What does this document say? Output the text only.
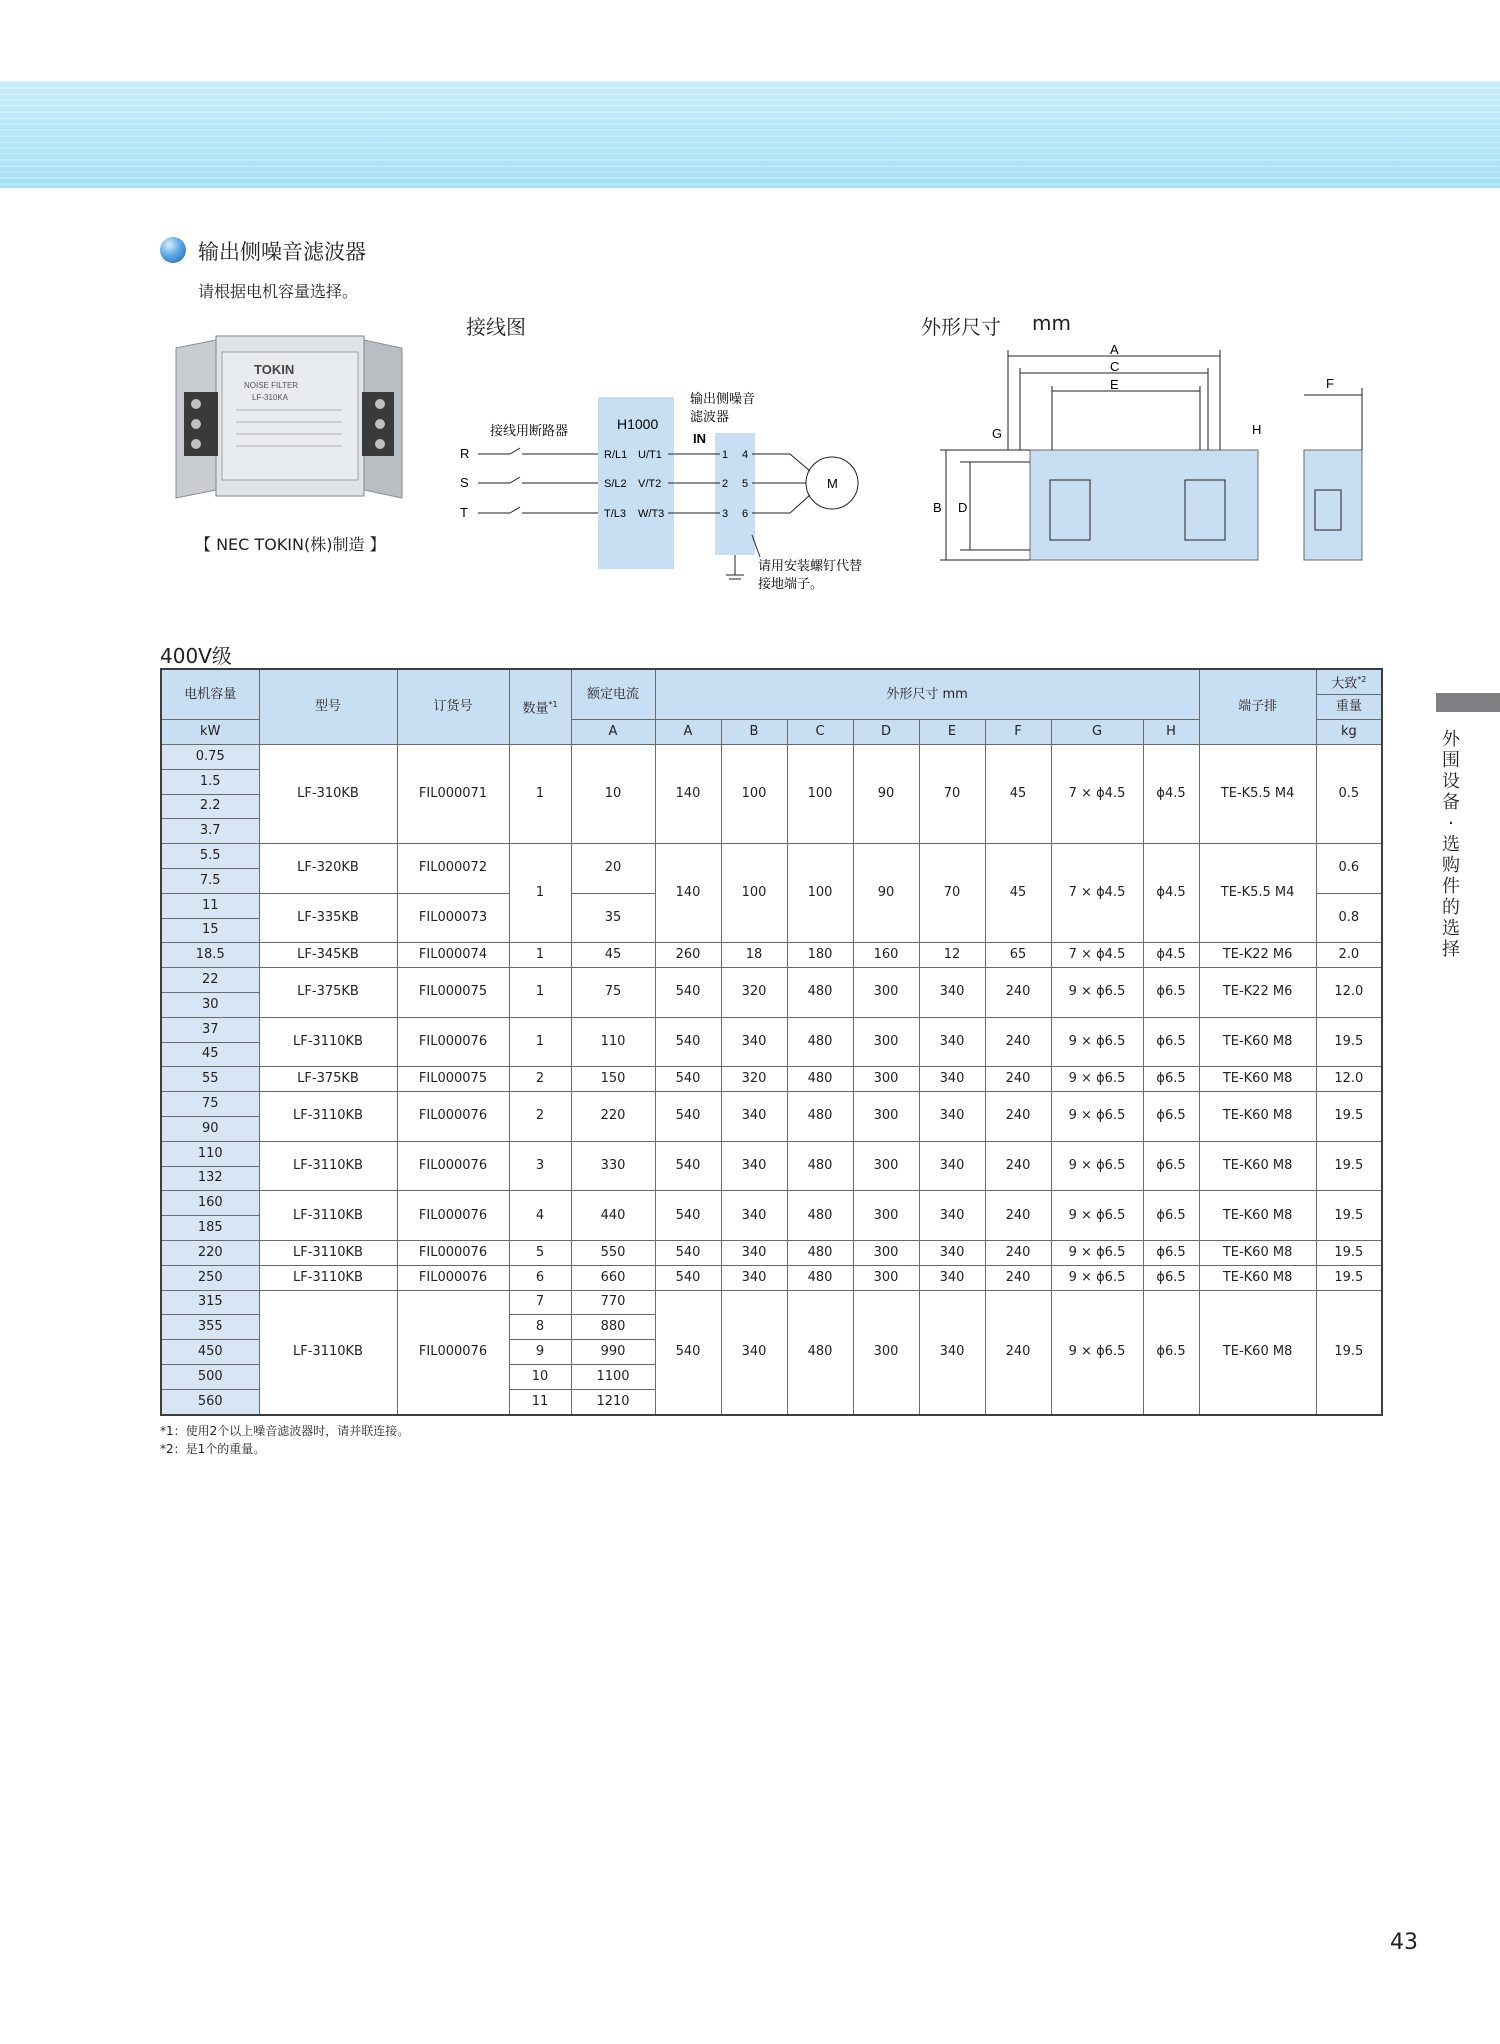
输出侧噪音滤波器
请根据电机容量选择。
TOKIN
NOISE FILTER
LF-310KA
【 NEC TOKIN(株)制造 】
接线图
H1000
输出侧噪音
滤波器
IN
接线用断路器
R
S
T
M
R/L1
S/L2
T/L3
U/T1
V/T2
W/T3
1
2
3
4
5
6
请用安装螺钉代替
接地端子。
外形尺寸 mm
A
C
E
G	H
B D
F
400V级
电机容量	型号	订货号	数量$^{*1}$	额定电流	外形尺寸 mm								端子排	大致$^{*2}$
														重量
kW				A	A	B	C	D	E	F	G	H		kg
0.75	LF-310KB	FIL000071	1	10	140	100	100	90	70	45	7 × ϕ4.5	ϕ4.5	TE-K5.5 M4	0.5
1.5														
2.2														
3.7														
5.5	LF-320KB	FIL000072	1	20	140	100	100	90	70	45	7 × ϕ4.5	ϕ4.5	TE-K5.5 M4	0.6
7.5														
11	LF-335KB	FIL000073		35										0.8
15														
18.5	LF-345KB	FIL000074	1	45	260	18	180	160	12	65	7 × ϕ4.5	ϕ4.5	TE-K22 M6	2.0
22	LF-375KB	FIL000075	1	75	540	320	480	300	340	240	9 × ϕ6.5	ϕ6.5	TE-K22 M6	12.0
30														
37	LF-3110KB	FIL000076	1	110	540	340	480	300	340	240	9 × ϕ6.5	ϕ6.5	TE-K60 M8	19.5
45														
55	LF-375KB	FIL000075	2	150	540	320	480	300	340	240	9 × ϕ6.5	ϕ6.5	TE-K60 M8	12.0
75	LF-3110KB	FIL000076	2	220	540	340	480	300	340	240	9 × ϕ6.5	ϕ6.5	TE-K60 M8	19.5
90														
110	LF-3110KB	FIL000076	3	330	540	340	480	300	340	240	9 × ϕ6.5	ϕ6.5	TE-K60 M8	19.5
132														
160	LF-3110KB	FIL000076	4	440	540	340	480	300	340	240	9 × ϕ6.5	ϕ6.5	TE-K60 M8	19.5
185														
220	LF-3110KB	FIL000076	5	550	540	340	480	300	340	240	9 × ϕ6.5	ϕ6.5	TE-K60 M8	19.5
250	LF-3110KB	FIL000076	6	660	540	340	480	300	340	240	9 × ϕ6.5	ϕ6.5	TE-K60 M8	19.5
315	LF-3110KB	FIL000076	7	770	540	340	480	300	340	240	9 × ϕ6.5	ϕ6.5	TE-K60 M8	19.5
355			8	880										
450			9	990										
500			10	1100										
560			11	1210										
*1：使用2个以上噪音滤波器时，请并联连接。
*2：是1个的重量。
外围设备·选购件的选择
43
